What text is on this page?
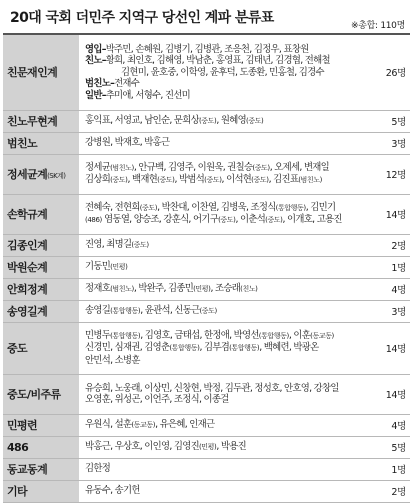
20대 국회 더민주 지역구 당선인 계파 분류표	※총합: 110명
친문재인계	영입–박주민, 손혜원, 김병기, 김병관, 조응천, 김정우, 표창원
친노–황희, 최인호, 김해영, 박남춘, 홍영표, 김태년, 김경협, 전해철
김현미, 윤호중, 이학영, 윤후덕, 도종환, 민홍철, 김경수
범친노–전재수
일반–추미애, 서형수, 진선미	26명
친노무현계	홍익표, 서영교, 남인순, 문희상(중도), 원혜영(중도)	5명
범친노	강병원, 박재호, 박홍근	3명
정세균계(SK계)	정세균(범친노), 안규백, 김영주, 이원욱, 권칠승(중도), 오제세, 변재일
김상희(중도), 백재현(중도), 박범석(중도), 이석현(중도), 김진표(범친노)	12명
손학규계	전혜숙, 전현희(중도), 박찬대, 이찬열, 김병욱, 조정식(통합행동), 김민기
(486) 염동열, 양승조, 강훈식, 어기구(중도), 이춘석(중도), 이개호, 고용진	14명
김종인계	진영, 최명길(중도)	2명
박원순계	기동민(민평)	1명
안희정계	정재호(범친노), 박완주, 김종민(민평), 조승래(친노)	4명
송영길계	송영길(통합행동), 윤관석, 신동근(중도)	3명
중도	민병두(통합행동), 김영호, 금태섭, 한정애, 박영선(통합행동), 이훈(동교동)
신경민, 심재권, 김영춘(통합행동), 김부겸(통합행동), 백혜련, 박광온
안민석, 소병훈	14명
중도/비주류	유승희, 노웅래, 이상민, 신창현, 박정, 김두관, 정성호, 안호영, 강창일
오영훈, 위성곤, 이언주, 조정식, 이종걸	14명
민평련	우원식, 설훈(동교동), 유은혜, 인재근	4명
486	박홍근, 우상호, 이인영, 김영진(민평), 박용진	5명
동교동계	김한정	1명
기타	유동수, 송기헌	2명
